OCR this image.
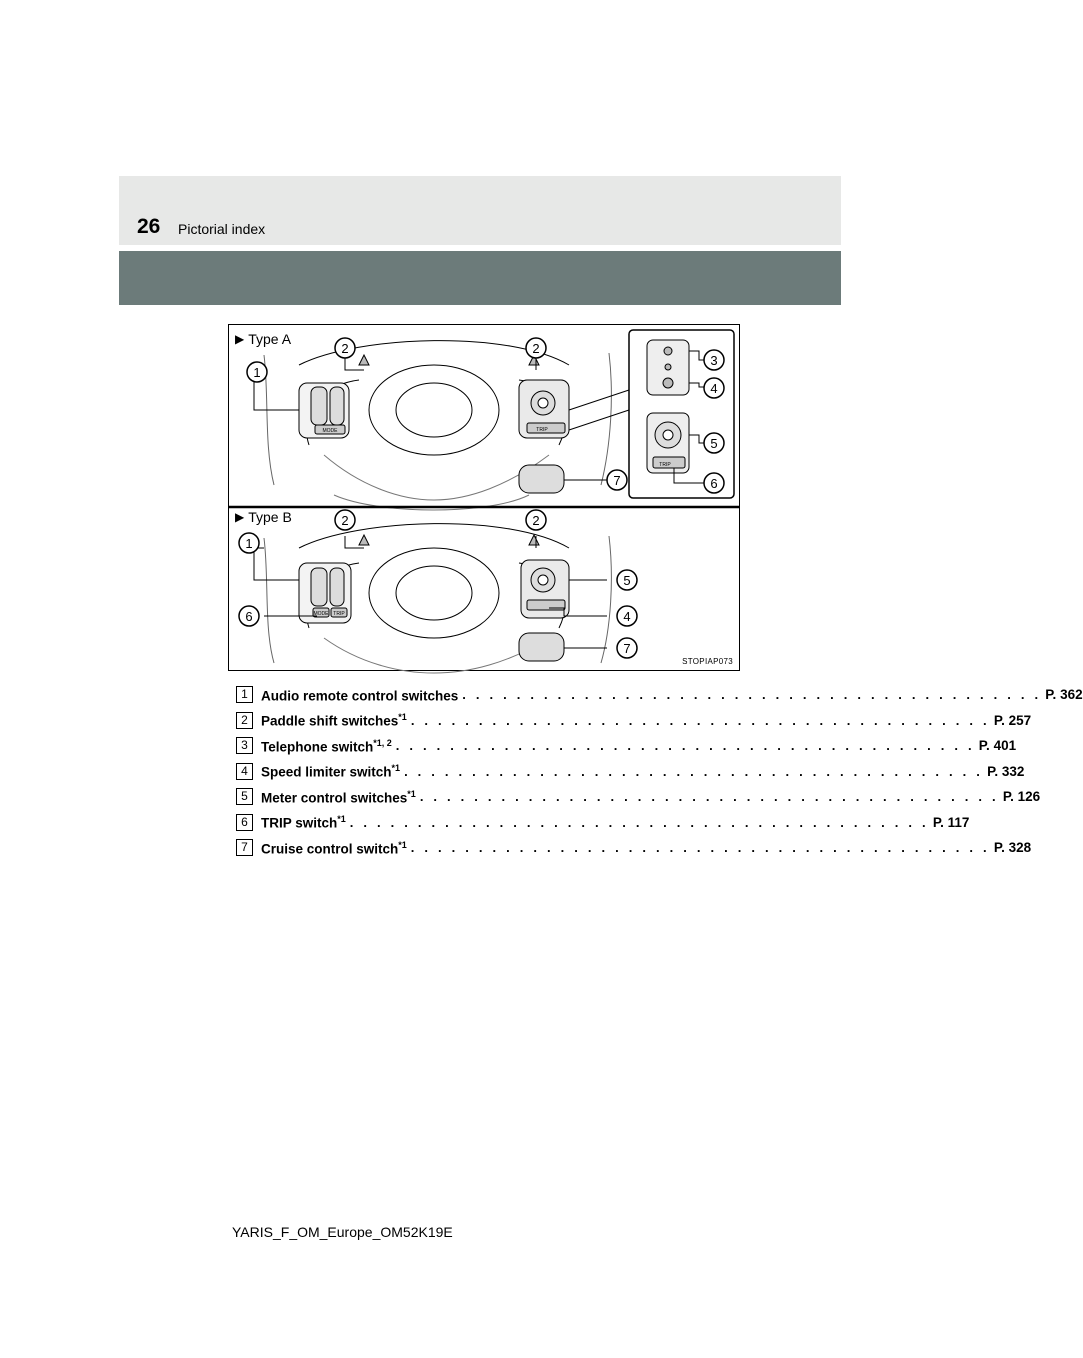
26 Pictorial index
1
2	2
3
4
5
6
7
1
2	2
5
6	4
7
MODE	TRIP
TRIP
MODE TRIP
▶ Type A
▶ Type B
STOPIAP073
1 Audio remote control switches . . . . . . . . . . . . . . . . . . . . . . . . . . . . . . . . . . . . . . . . . . . P. 362
2 Paddle shift switches$^{*1}$ . . . . . . . . . . . . . . . . . . . . . . . . . . . . . . . . . . . . . . . . . . . P. 257
3 Telephone switch$^{*1, 2}$ . . . . . . . . . . . . . . . . . . . . . . . . . . . . . . . . . . . . . . . . . . . P. 401
4 Speed limiter switch$^{*1}$ . . . . . . . . . . . . . . . . . . . . . . . . . . . . . . . . . . . . . . . . . . . P. 332
5 Meter control switches$^{*1}$ . . . . . . . . . . . . . . . . . . . . . . . . . . . . . . . . . . . . . . . . . . . P. 126
6 TRIP switch$^{*1}$ . . . . . . . . . . . . . . . . . . . . . . . . . . . . . . . . . . . . . . . . . . . P. 117
7 Cruise control switch$^{*1}$ . . . . . . . . . . . . . . . . . . . . . . . . . . . . . . . . . . . . . . . . . . . P. 328
YARIS_F_OM_Europe_OM52K19E
